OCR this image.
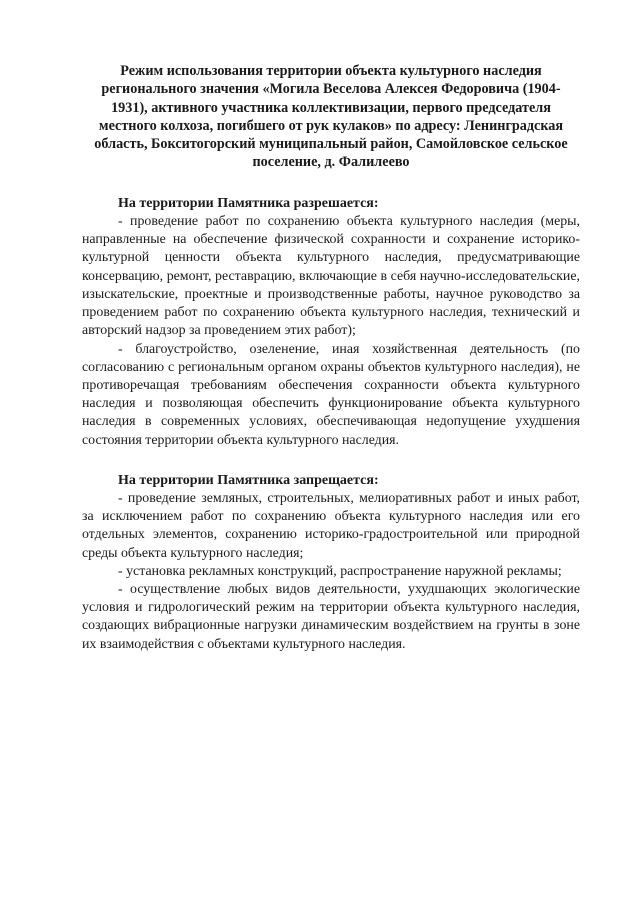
Режим использования территории объекта культурного наследия регионального значения «Могила Веселова Алексея Федоровича (1904-1931), активного участника коллективизации, первого председателя местного колхоза, погибшего от рук кулаков» по адресу: Ленинградская область, Бокситогорский муниципальный район, Самойловское сельское поселение, д. Фалилеево

На территории Памятника разрешается:

- проведение работ по сохранению объекта культурного наследия (меры, направленные на обеспечение физической сохранности и сохранение историко-культурной ценности объекта культурного наследия, предусматривающие консервацию, ремонт, реставрацию, включающие в себя научно-исследовательские, изыскательские, проектные и производственные работы, научное руководство за проведением работ по сохранению объекта культурного наследия, технический и авторский надзор за проведением этих работ);

- благоустройство, озеленение, иная хозяйственная деятельность (по согласованию с региональным органом охраны объектов культурного наследия), не противоречащая требованиям обеспечения сохранности объекта культурного наследия и позволяющая обеспечить функционирование объекта культурного наследия в современных условиях, обеспечивающая недопущение ухудшения состояния территории объекта культурного наследия.

На территории Памятника запрещается:

- проведение земляных, строительных, мелиоративных работ и иных работ, за исключением работ по сохранению объекта культурного наследия или его отдельных элементов, сохранению историко-градостроительной или природной среды объекта культурного наследия;

- установка рекламных конструкций, распространение наружной рекламы;

- осуществление любых видов деятельности, ухудшающих экологические условия и гидрологический режим на территории объекта культурного наследия, создающих вибрационные нагрузки динамическим воздействием на грунты в зоне их взаимодействия с объектами культурного наследия.
